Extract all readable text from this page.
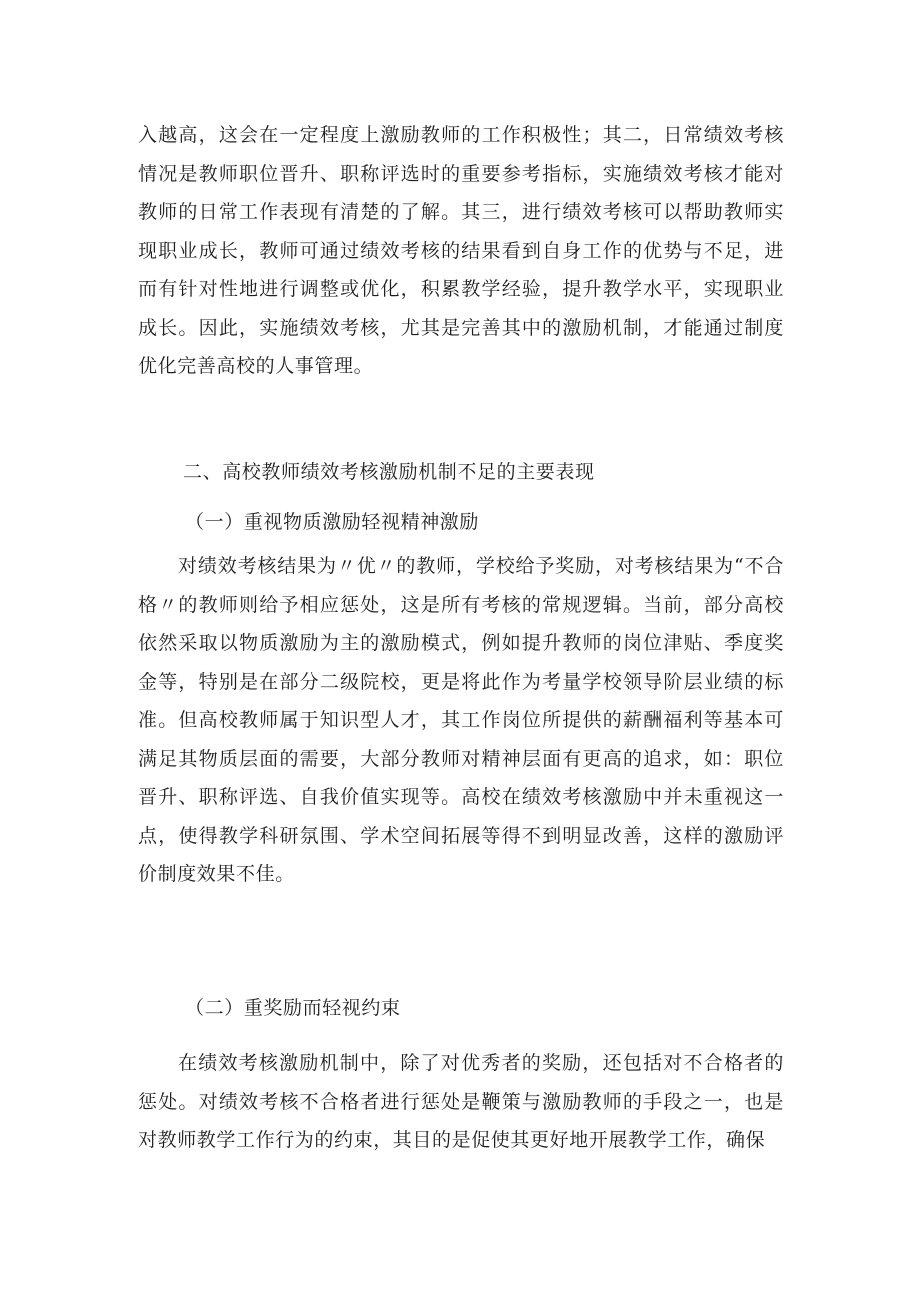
入越高，这会在一定程度上激励教师的工作积极性；其二，日常绩效考核情况是教师职位晋升、职称评选时的重要参考指标，实施绩效考核才能对教师的日常工作表现有清楚的了解。其三，进行绩效考核可以帮助教师实现职业成长，教师可通过绩效考核的结果看到自身工作的优势与不足，进而有针对性地进行调整或优化，积累教学经验，提升教学水平，实现职业成长。因此，实施绩效考核，尤其是完善其中的激励机制，才能通过制度优化完善高校的人事管理。

二、高校教师绩效考核激励机制不足的主要表现
（一）重视物质激励轻视精神激励

对绩效考核结果为〃优〃的教师，学校给予奖励，对考核结果为“不合格〃的教师则给予相应惩处，这是所有考核的常规逻辑。当前，部分高校依然采取以物质激励为主的激励模式，例如提升教师的岗位津贴、季度奖金等，特别是在部分二级院校，更是将此作为考量学校领导阶层业绩的标准。但高校教师属于知识型人才，其工作岗位所提供的薪酬福利等基本可满足其物质层面的需要，大部分教师对精神层面有更高的追求，如：职位晋升、职称评选、自我价值实现等。高校在绩效考核激励中并未重视这一点，使得教学科研氛围、学术空间拓展等得不到明显改善，这样的激励评价制度效果不佳。

（二）重奖励而轻视约束

在绩效考核激励机制中，除了对优秀者的奖励，还包括对不合格者的惩处。对绩效考核不合格者进行惩处是鞭策与激励教师的手段之一，也是对教师教学工作行为的约束，其目的是促使其更好地开展教学工作，确保
